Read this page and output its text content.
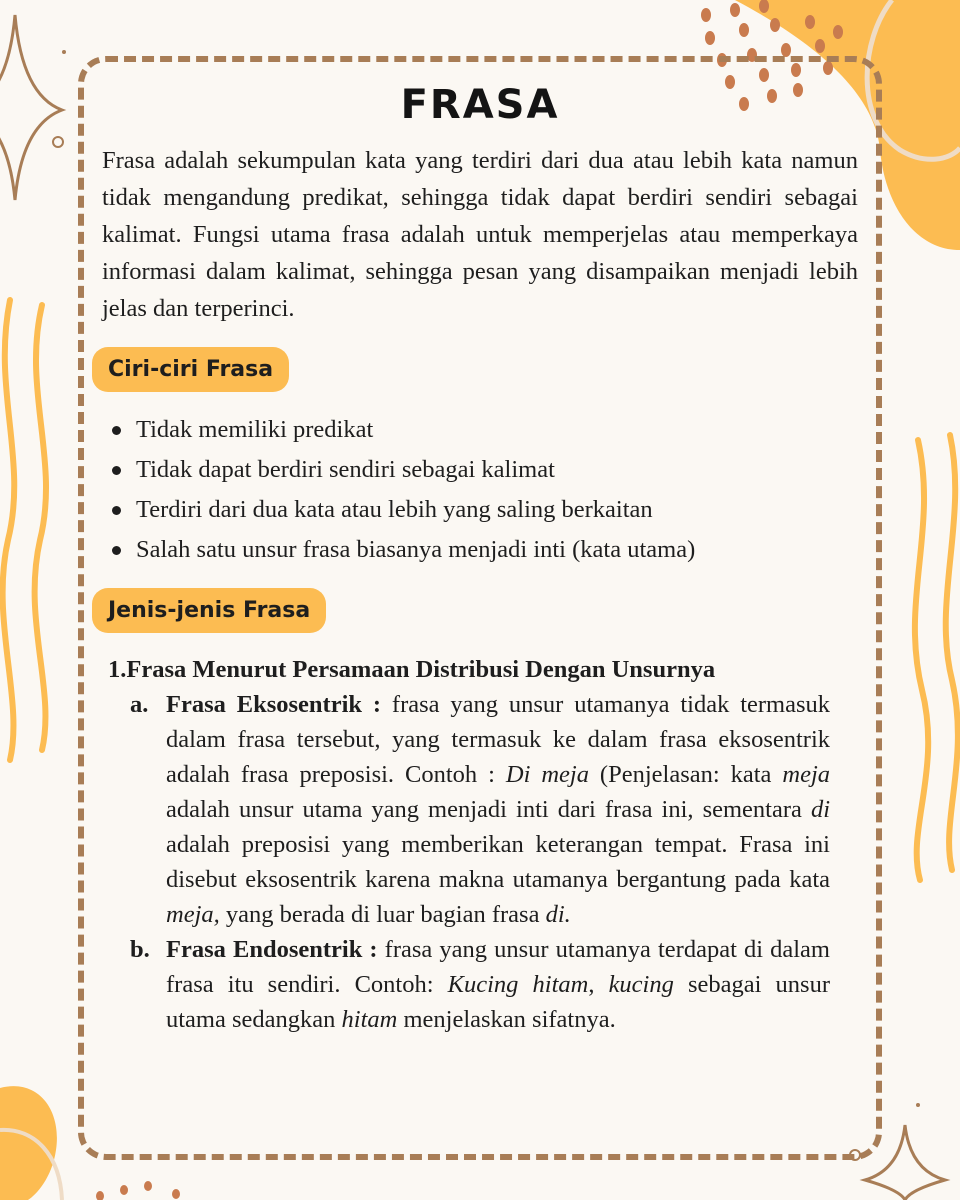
FRASA

Frasa adalah sekumpulan kata yang terdiri dari dua atau lebih kata namun tidak mengandung predikat, sehingga tidak dapat berdiri sendiri sebagai kalimat. Fungsi utama frasa adalah untuk memperjelas atau memperkaya informasi dalam kalimat, sehingga pesan yang disampaikan menjadi lebih jelas dan terperinci.

Ciri-ciri Frasa
Tidak memiliki predikat
Tidak dapat berdiri sendiri sebagai kalimat
Terdiri dari dua kata atau lebih yang saling berkaitan
Salah satu unsur frasa biasanya menjadi inti (kata utama)
Jenis-jenis Frasa
1.Frasa Menurut Persamaan Distribusi Dengan Unsurnya
a. Frasa Eksosentrik : frasa yang unsur utamanya tidak termasuk dalam frasa tersebut, yang termasuk ke dalam frasa eksosentrik adalah frasa preposisi. Contoh : Di meja (Penjelasan: kata meja adalah unsur utama yang menjadi inti dari frasa ini, sementara di adalah preposisi yang memberikan keterangan tempat. Frasa ini disebut eksosentrik karena makna utamanya bergantung pada kata meja, yang berada di luar bagian frasa di.
b. Frasa Endosentrik : frasa yang unsur utamanya terdapat di dalam frasa itu sendiri. Contoh: Kucing hitam, kucing sebagai unsur utama sedangkan hitam menjelaskan sifatnya.
